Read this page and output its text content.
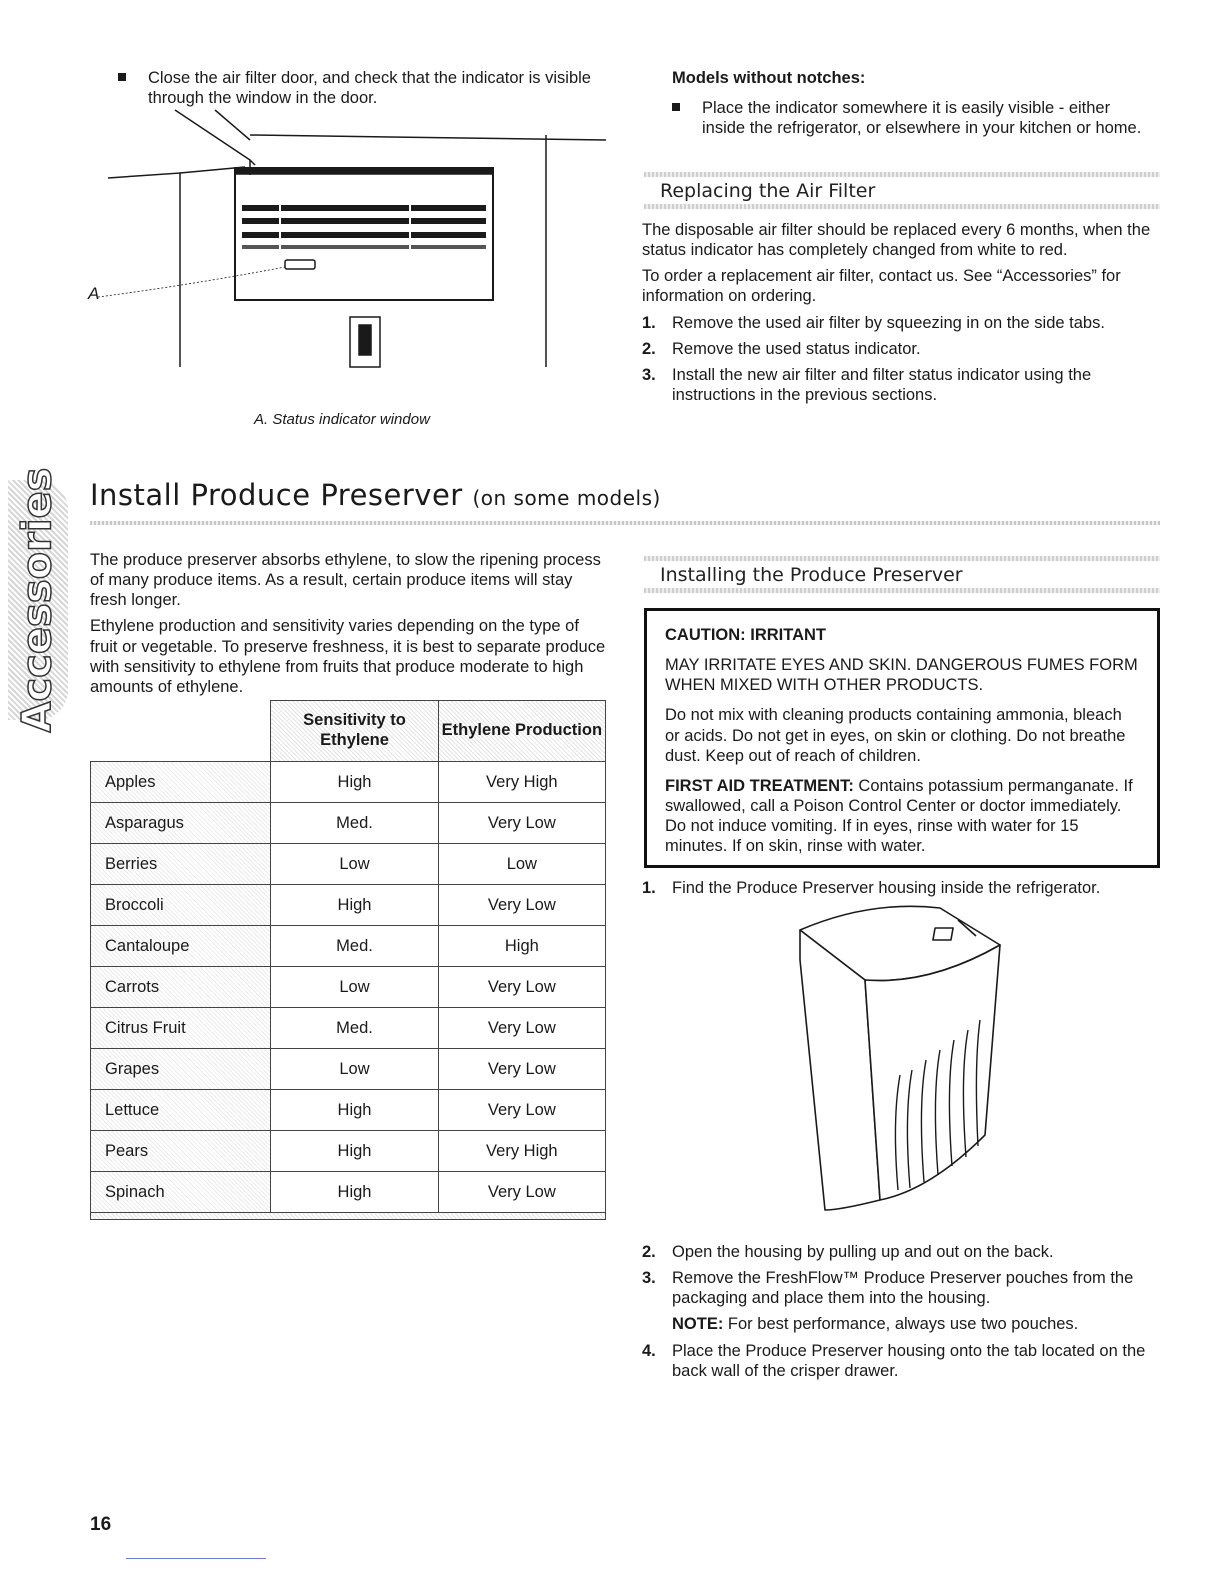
Close the air filter door, and check that the indicator is visible through the window in the door.

A
A. Status indicator window
Models without notches:

Place the indicator somewhere it is easily visible - either inside the refrigerator, or elsewhere in your kitchen or home.

Replacing the Air Filter

The disposable air filter should be replaced every 6 months, when the status indicator has completely changed from white to red.

To order a replacement air filter, contact us. See “Accessories” for information on ordering.

1. Remove the used air filter by squeezing in on the side tabs.
2. Remove the used status indicator.
3. Install the new air filter and filter status indicator using the instructions in the previous sections.
Accessories Install Produce Preserver (on some models)

The produce preserver absorbs ethylene, to slow the ripening process of many produce items. As a result, certain produce items will stay fresh longer.

Ethylene production and sensitivity varies depending on the type of fruit or vegetable. To preserve freshness, it is best to separate produce with sensitivity to ethylene from fruits that produce moderate to high amounts of ethylene.

	Sensitivity to Ethylene	Ethylene Production
Apples	High	Very High
Asparagus	Med.	Very Low
Berries	Low	Low
Broccoli	High	Very Low
Cantaloupe	Med.	High
Carrots	Low	Very Low
Citrus Fruit	Med.	Very Low
Grapes	Low	Very Low
Lettuce	High	Very Low
Pears	High	Very High
Spinach	High	Very Low

Installing the Produce Preserver

CAUTION: IRRITANT

MAY IRRITATE EYES AND SKIN. DANGEROUS FUMES FORM WHEN MIXED WITH OTHER PRODUCTS.

Do not mix with cleaning products containing ammonia, bleach or acids. Do not get in eyes, on skin or clothing. Do not breathe dust. Keep out of reach of children.

FIRST AID TREATMENT: Contains potassium permanganate. If swallowed, call a Poison Control Center or doctor immediately. Do not induce vomiting. If in eyes, rinse with water for 15 minutes. If on skin, rinse with water.

1. Find the Produce Preserver housing inside the refrigerator.
2. Open the housing by pulling up and out on the back.
3. Remove the FreshFlow™ Produce Preserver pouches from the packaging and place them into the housing.
NOTE: For best performance, always use two pouches.
4. Place the Produce Preserver housing onto the tab located on the back wall of the crisper drawer.
16
